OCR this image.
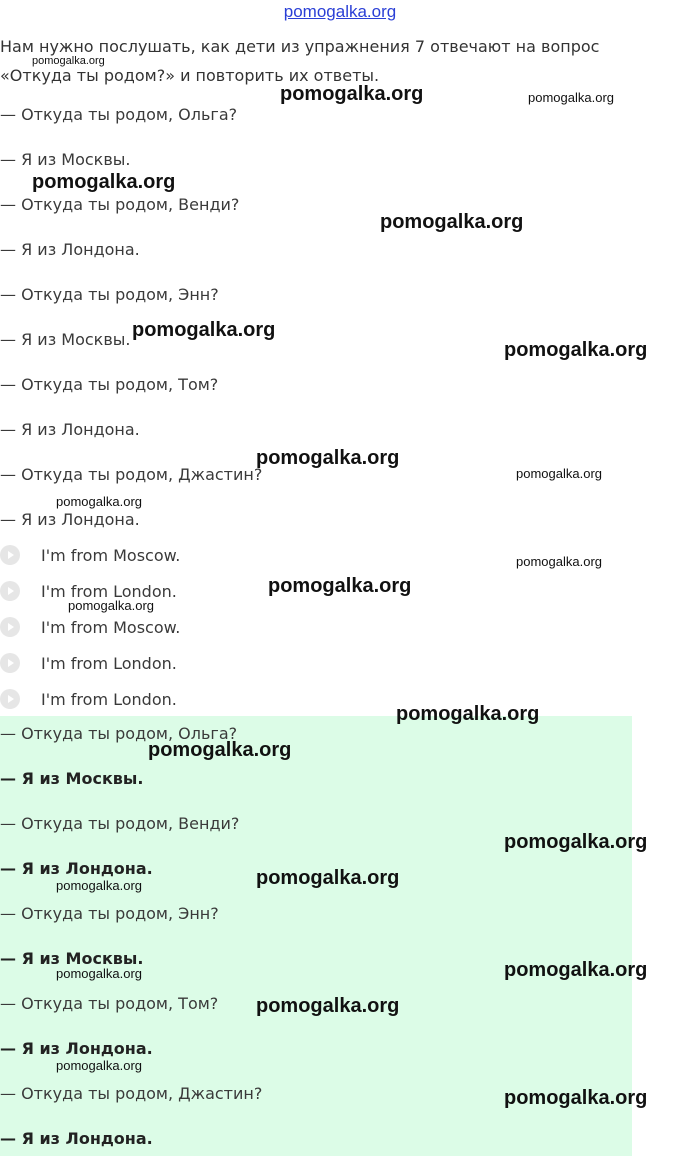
pomogalka.org

Нам нужно послушать, как дети из упражнения 7 отвечают на вопрос «Откуда ты родом?» и повторить их ответы.

— Откуда ты родом, Ольга?
— Я из Москвы.
— Откуда ты родом, Венди?
— Я из Лондона.
— Откуда ты родом, Энн?
— Я из Москвы.
— Откуда ты родом, Том?
— Я из Лондона.
— Откуда ты родом, Джастин?
— Я из Лондона.
I'm from Moscow.
I'm from London.
I'm from Moscow.
I'm from London.
I'm from London.
— Откуда ты родом, Ольга?
— Я из Москвы.
— Откуда ты родом, Венди?
— Я из Лондона.
— Откуда ты родом, Энн?
— Я из Москвы.
— Откуда ты родом, Том?
— Я из Лондона.
— Откуда ты родом, Джастин?
— Я из Лондона.
pomogalka.org
pomogalka.org	pomogalka.org
pomogalka.org
pomogalka.org
pomogalka.org
pomogalka.org
pomogalka.org
pomogalka.org
pomogalka.org
pomogalka.org
pomogalka.org
pomogalka.org
pomogalka.org
pomogalka.org
pomogalka.org
pomogalka.org
pomogalka.org
pomogalka.org
pomogalka.org
pomogalka.org
pomogalka.org
pomogalka.org
